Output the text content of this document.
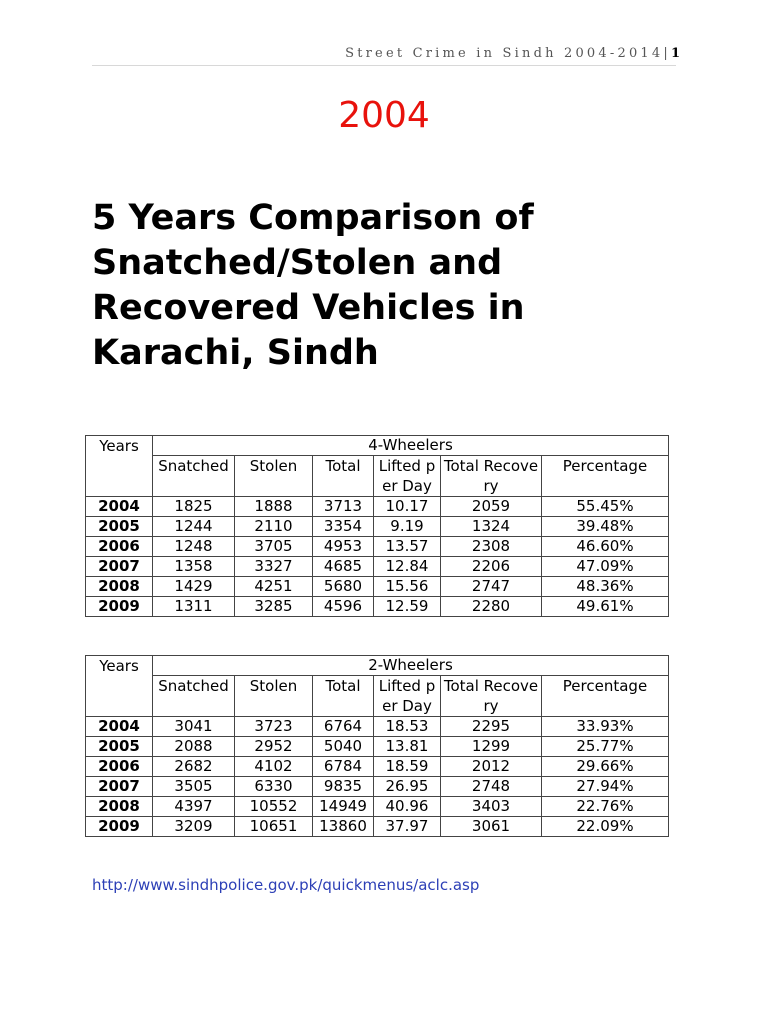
Street Crime in Sindh 2004-2014|1
2004
5 Years Comparison of Snatched/Stolen and Recovered Vehicles in Karachi, Sindh
Years	4-Wheelers					
	Snatched	Stolen	Total	Lifted per Day	Total Recovery	Percentage
2004	1825	1888	3713	10.17	2059	55.45%
2005	1244	2110	3354	9.19	1324	39.48%
2006	1248	3705	4953	13.57	2308	46.60%
2007	1358	3327	4685	12.84	2206	47.09%
2008	1429	4251	5680	15.56	2747	48.36%
2009	1311	3285	4596	12.59	2280	49.61%
Years	2-Wheelers					
	Snatched	Stolen	Total	Lifted per Day	Total Recovery	Percentage
2004	3041	3723	6764	18.53	2295	33.93%
2005	2088	2952	5040	13.81	1299	25.77%
2006	2682	4102	6784	18.59	2012	29.66%
2007	3505	6330	9835	26.95	2748	27.94%
2008	4397	10552	14949	40.96	3403	22.76%
2009	3209	10651	13860	37.97	3061	22.09%
http://www.sindhpolice.gov.pk/quickmenus/aclc.asp
